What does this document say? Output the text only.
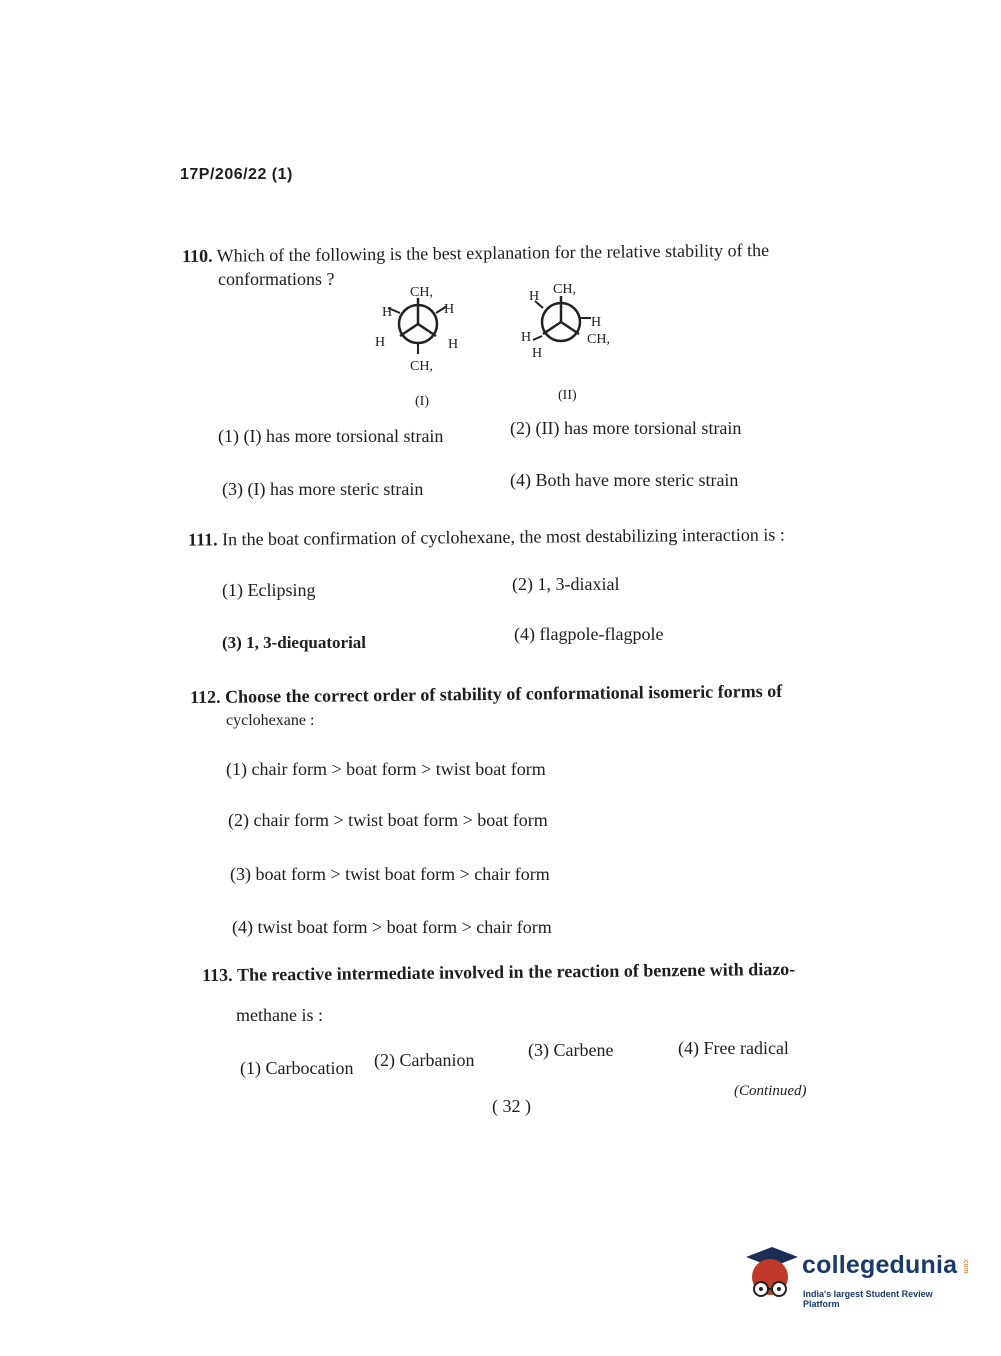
17P/206/22 (1)
110. Which of the following is the best explanation for the relative stability of the
conformations ?
CH,
H	H
H	H
CH,
(I)
CH,
H
H
CH,
H
H
(II)
(1) (I) has more torsional strain	(2) (II) has more torsional strain
(3) (I) has more steric strain	(4) Both have more steric strain
111. In the boat confirmation of cyclohexane, the most destabilizing interaction is :
(1) Eclipsing	(2) 1, 3-diaxial
(3) 1, 3-diequatorial	(4) flagpole-flagpole
112. Choose the correct order of stability of conformational isomeric forms of
cyclohexane :
(1) chair form > boat form > twist boat form
(2) chair form > twist boat form > boat form
(3) boat form > twist boat form > chair form
(4) twist boat form > boat form > chair form
113. The reactive intermediate involved in the reaction of benzene with diazo-
methane is :
(1) Carbocation (2) Carbanion	(3) Carbene	(4) Free radical
( 32 )
(Continued)
collegedunia .com
India's largest Student Review Platform
